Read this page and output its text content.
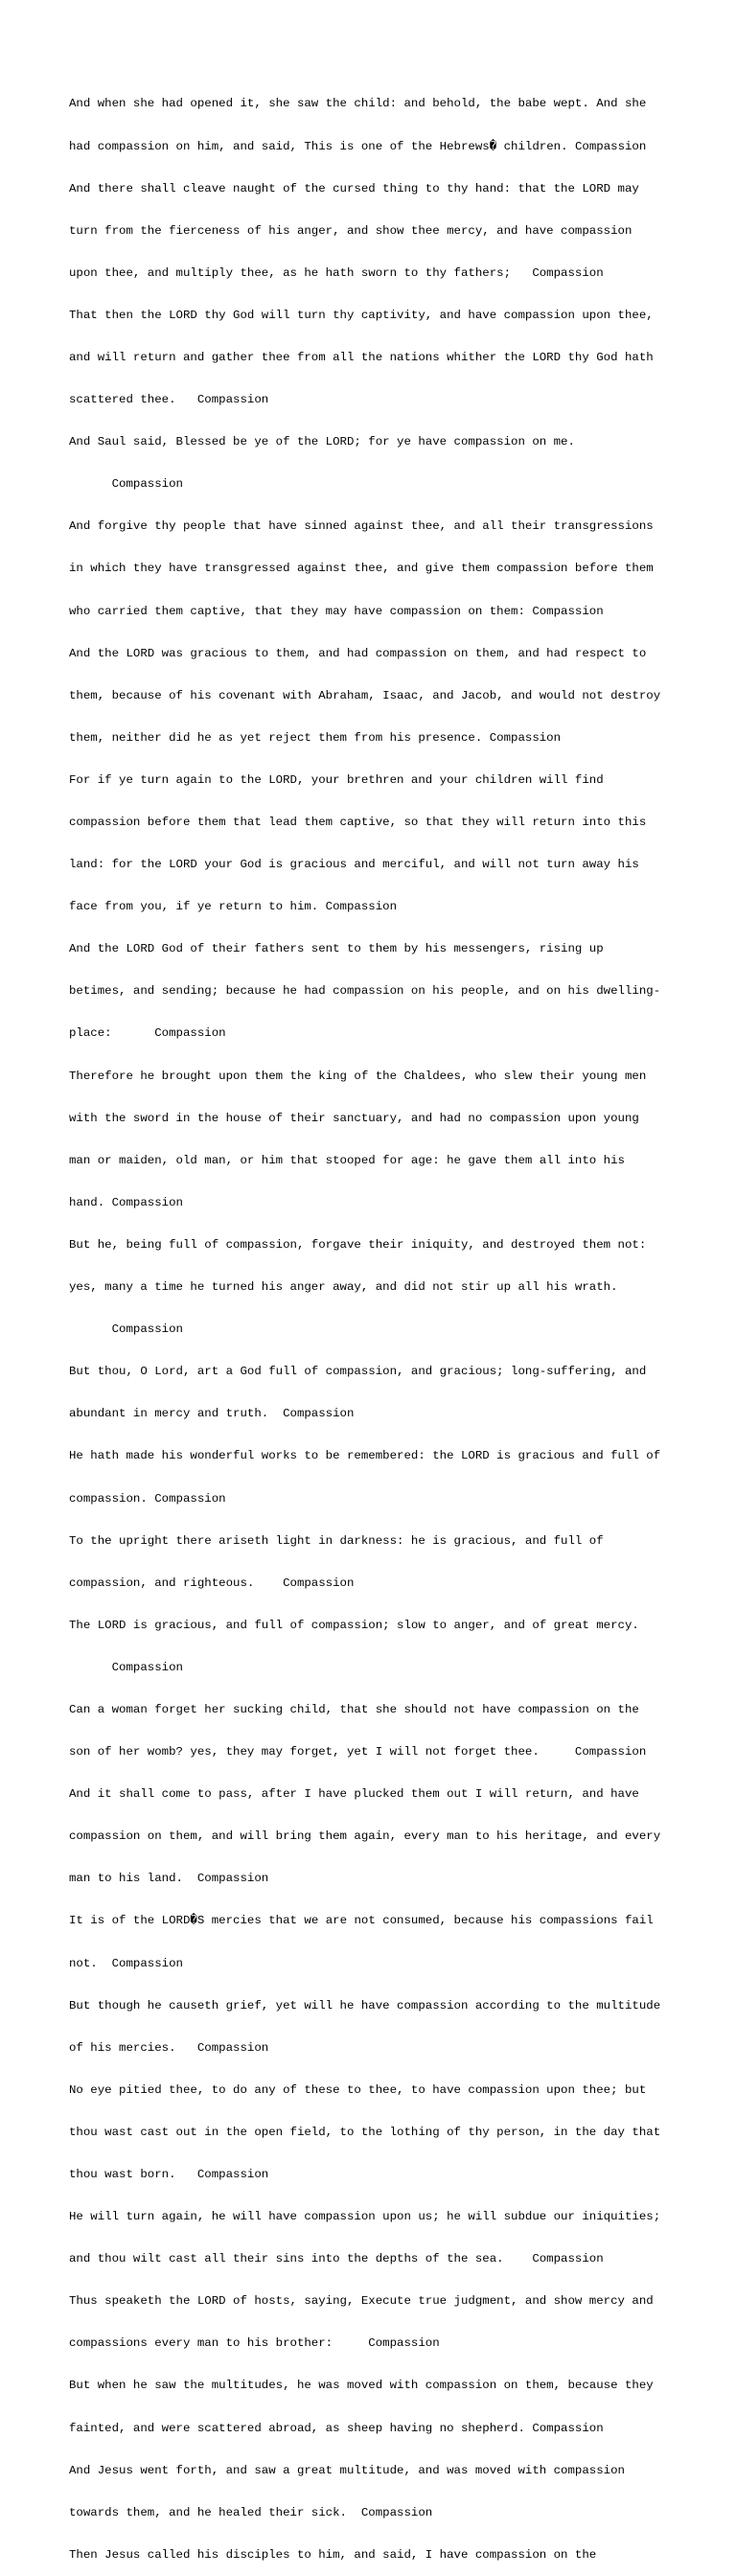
And when she had opened it, she saw the child: and behold, the babe wept. And she

had compassion on him, and said, This is one of the Hebrews� children. Compassion

And there shall cleave naught of the cursed thing to thy hand: that the LORD may

turn from the fierceness of his anger, and show thee mercy, and have compassion

upon thee, and multiply thee, as he hath sworn to thy fathers;   Compassion

That then the LORD thy God will turn thy captivity, and have compassion upon thee,

and will return and gather thee from all the nations whither the LORD thy God hath

scattered thee.   Compassion

And Saul said, Blessed be ye of the LORD; for ye have compassion on me.

Compassion

And forgive thy people that have sinned against thee, and all their transgressions

in which they have transgressed against thee, and give them compassion before them

who carried them captive, that they may have compassion on them: Compassion

And the LORD was gracious to them, and had compassion on them, and had respect to

them, because of his covenant with Abraham, Isaac, and Jacob, and would not destroy

them, neither did he as yet reject them from his presence. Compassion

For if ye turn again to the LORD, your brethren and your children will find

compassion before them that lead them captive, so that they will return into this

land: for the LORD your God is gracious and merciful, and will not turn away his

face from you, if ye return to him. Compassion

And the LORD God of their fathers sent to them by his messengers, rising up

betimes, and sending; because he had compassion on his people, and on his dwelling-

place:      Compassion

Therefore he brought upon them the king of the Chaldees, who slew their young men

with the sword in the house of their sanctuary, and had no compassion upon young

man or maiden, old man, or him that stooped for age: he gave them all into his

hand. Compassion

But he, being full of compassion, forgave their iniquity, and destroyed them not:

yes, many a time he turned his anger away, and did not stir up all his wrath.

Compassion

But thou, O Lord, art a God full of compassion, and gracious; long-suffering, and

abundant in mercy and truth.  Compassion

He hath made his wonderful works to be remembered: the LORD is gracious and full of

compassion. Compassion

To the upright there ariseth light in darkness: he is gracious, and full of

compassion, and righteous.    Compassion

The LORD is gracious, and full of compassion; slow to anger, and of great mercy.

Compassion

Can a woman forget her sucking child, that she should not have compassion on the

son of her womb? yes, they may forget, yet I will not forget thee.     Compassion

And it shall come to pass, after I have plucked them out I will return, and have

compassion on them, and will bring them again, every man to his heritage, and every

man to his land.  Compassion

It is of the LORD�S mercies that we are not consumed, because his compassions fail

not.  Compassion

But though he causeth grief, yet will he have compassion according to the multitude

of his mercies.   Compassion

No eye pitied thee, to do any of these to thee, to have compassion upon thee; but

thou wast cast out in the open field, to the lothing of thy person, in the day that

thou wast born.   Compassion

He will turn again, he will have compassion upon us; he will subdue our iniquities;

and thou wilt cast all their sins into the depths of the sea.    Compassion

Thus speaketh the LORD of hosts, saying, Execute true judgment, and show mercy and

compassions every man to his brother:     Compassion

But when he saw the multitudes, he was moved with compassion on them, because they

fainted, and were scattered abroad, as sheep having no shepherd. Compassion

And Jesus went forth, and saw a great multitude, and was moved with compassion

towards them, and he healed their sick.  Compassion

Then Jesus called his disciples to him, and said, I have compassion on the
